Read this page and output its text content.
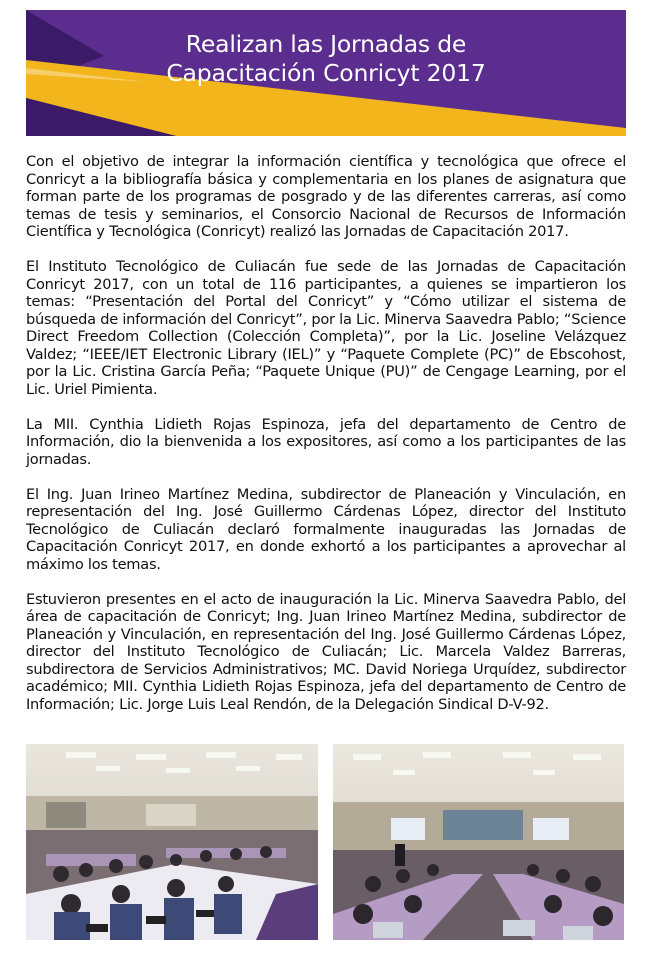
Realizan las Jornadas de
Capacitación Conricyt 2017

Con el objetivo de integrar la información científica y tecnológica que ofrece el Conricyt a la bibliografía básica y complementaria en los planes de asignatura que forman parte de los programas de posgrado y de las diferentes carreras, así como temas de tesis y seminarios, el Consorcio Nacional de Recursos de Información Científica y Tecnológica (Conricyt) realizó las Jornadas de Capacitación 2017.

El Instituto Tecnológico de Culiacán fue sede de las Jornadas de Capacitación Conricyt 2017, con un total de 116 participantes, a quienes se impartieron los temas: “Presentación del Portal del Conricyt” y “Cómo utilizar el sistema de búsqueda de información del Conricyt”, por la Lic. Minerva Saavedra Pablo; “Science Direct Freedom Collection (Colección Completa)”, por la Lic. Joseline Velázquez Valdez; “IEEE/IET Electronic Library (IEL)” y “Paquete Complete (PC)” de Ebscohost, por la Lic. Cristina García Peña; “Paquete Unique (PU)” de Cengage Learning, por el Lic. Uriel Pimienta.

La MII. Cynthia Lidieth Rojas Espinoza, jefa del departamento de Centro de Información, dio la bienvenida a los expositores, así como a los participantes de las jornadas.

El Ing. Juan Irineo Martínez Medina, subdirector de Planeación y Vinculación, en representación del Ing. José Guillermo Cárdenas López, director del Instituto Tecnológico de Culiacán declaró formalmente inauguradas las Jornadas de Capacitación Conricyt 2017, en donde exhortó a los participantes a aprovechar al máximo los temas.

Estuvieron presentes en el acto de inauguración la Lic. Minerva Saavedra Pablo, del área de capacitación de Conricyt; Ing. Juan Irineo Martínez Medina, subdirector de Planeación y Vinculación, en representación del Ing. José Guillermo Cárdenas López, director del Instituto Tecnológico de Culiacán; Lic. Marcela Valdez Barreras, subdirectora de Servicios Administrativos; MC. David Noriega Urquídez, subdirector académico; MII. Cynthia Lidieth Rojas Espinoza, jefa del departamento de Centro de Información; Lic. Jorge Luis Leal Rendón, de la Delegación Sindical D-V-92.
